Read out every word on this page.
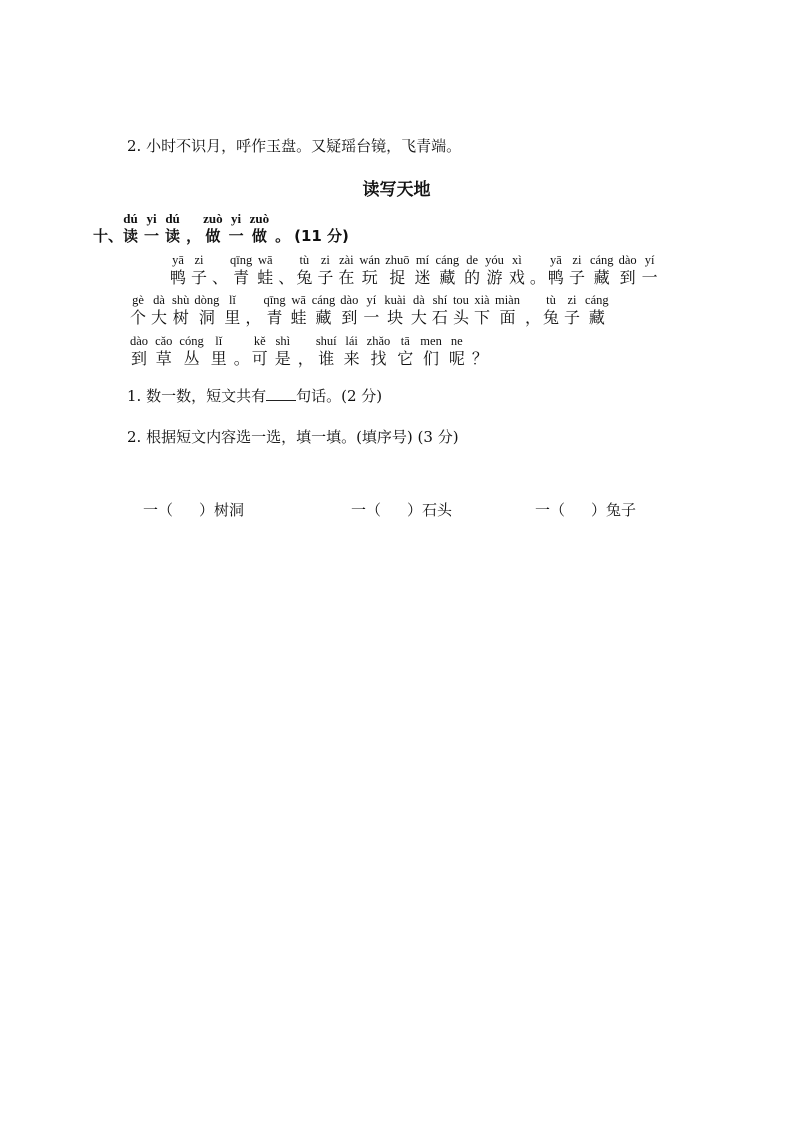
2. 小时不识月，呼作玉盘。又疑瑶台镜，飞青端。
读写天地
十、
dú
读
yi
一
dú
读 ，
zuò
做
yi
一
zuò
做 。 (11 分)
yā
鸭
zi
子 、
qīng
青
wā
蛙 、
tù
兔
zi
子
zài
在
wán
玩
zhuō
捉
mí
迷
cáng
藏
de
的
yóu
游
xì
戏 。
yā
鸭
zi
子
cáng
藏
dào
到
yí
一
gè
个
dà
大
shù
树
dòng
洞
lǐ
里 ，
qīng
青
wā
蛙
cáng
藏
dào
到
yí
一
kuài
块
dà
大
shí
石
tou
头
xià
下
miàn
面 ，
tù
兔
zi
子
cáng
藏
dào
到
cǎo
草
cóng
丛
lǐ
里 。
kě
可
shì
是 ，
shuí
谁
lái
来
zhǎo
找
tā
它
men
们
ne
呢 ？
1. 数一数，短文共有 句话。(2 分)
2. 根据短文内容选一选，填一填。(填序号) (3 分)
一（ ）树洞	一（ ）石头	一（ ）兔子
